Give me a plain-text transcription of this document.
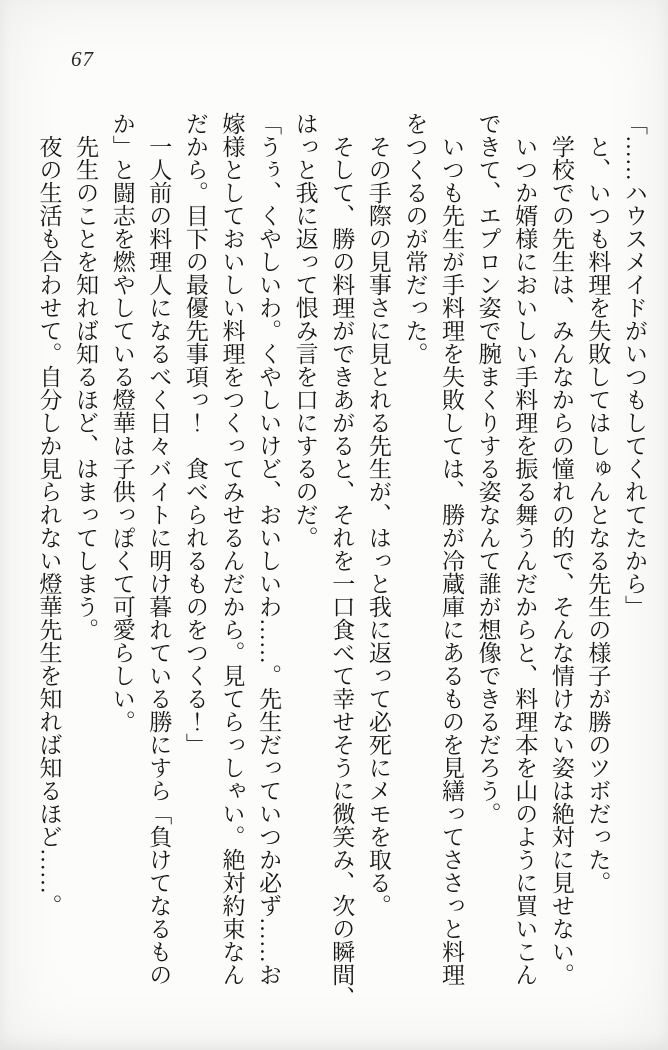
67
「……ハウスメイドがいつもしてくれてたから」
　と、いつも料理を失敗してはしゅんとなる先生の様子が勝のツボだった。
　学校での先生は、みんなからの憧れの的で、そんな情けない姿は絶対に見せない。
　いつか婿様においしい手料理を振る舞うんだからと、料理本を山のように買いこん
できて、エプロン姿で腕まくりする姿なんて誰が想像できるだろう。
　いつも先生が手料理を失敗しては、勝が冷蔵庫にあるものを見繕ってささっと料理
をつくるのが常だった。
　その手際の見事さに見とれる先生が、はっと我に返って必死にメモを取る。
　そして、勝の料理ができあがると、それを一口食べて幸せそうに微笑み、次の瞬間、
はっと我に返って恨み言を口にするのだ。
「うぅ、くやしいわ。くやしいけど、おいしいわ……。先生だっていつか必ず……お
嫁様としておいしい料理をつくってみせるんだから。見てらっしゃい。絶対約束なん
だから。目下の最優先事項っ！　食べられるものをつくる！」
　一人前の料理人になるべく日々バイトに明け暮れている勝にすら「負けてなるもの
か」と闘志を燃やしている燈華は子供っぽくて可愛らしい。
　先生のことを知れば知るほど、はまってしまう。
　夜の生活も合わせて。自分しか見られない燈華先生を知れば知るほど……。
